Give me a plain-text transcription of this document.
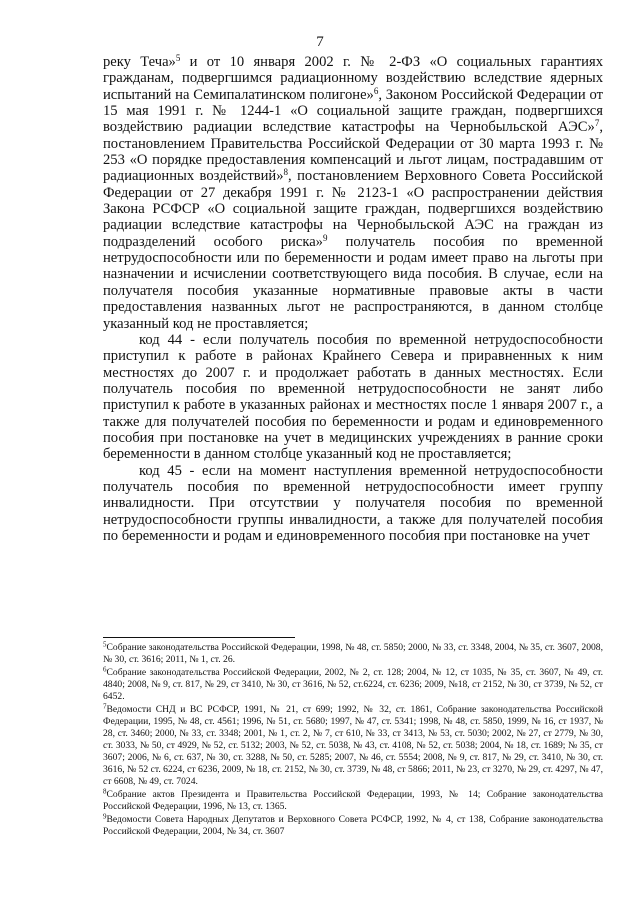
7

реку Теча»$^5$ и от 10 января 2002 г. № 2-ФЗ «О социальных гарантиях гражданам, подвергшимся радиационному воздействию вследствие ядерных испытаний на Семипалатинском полигоне»$^6$, Законом Российской Федерации от 15 мая 1991 г. № 1244-1 «О социальной защите граждан, подвергшихся воздействию радиации вследствие катастрофы на Чернобыльской АЭС»$^7$, постановлением Правительства Российской Федерации от 30 марта 1993 г. № 253 «О порядке предоставления компенсаций и льгот лицам, пострадавшим от радиационных воздействий»$^8$, постановлением Верховного Совета Российской Федерации от 27 декабря 1991 г. № 2123-1 «О распространении действия Закона РСФСР «О социальной защите граждан, подвергшихся воздействию радиации вследствие катастрофы на Чернобыльской АЭС на граждан из подразделений особого риска»$^9$ получатель пособия по временной нетрудоспособности или по беременности и родам имеет право на льготы при назначении и исчислении соответствующего вида пособия. В случае, если на получателя пособия указанные нормативные правовые акты в части предоставления названных льгот не распространяются, в данном столбце указанный код не проставляется;

код 44 - если получатель пособия по временной нетрудоспособности приступил к работе в районах Крайнего Севера и приравненных к ним местностях до 2007 г. и продолжает работать в данных местностях. Если получатель пособия по временной нетрудоспособности не занят либо приступил к работе в указанных районах и местностях после 1 января 2007 г., а также для получателей пособия по беременности и родам и единовременного пособия при постановке на учет в медицинских учреждениях в ранние сроки беременности в данном столбце указанный код не проставляется;

код 45 - если на момент наступления временной нетрудоспособности получатель пособия по временной нетрудоспособности имеет группу инвалидности. При отсутствии у получателя пособия по временной нетрудоспособности группы инвалидности, а также для получателей пособия по беременности и родам и единовременного пособия при постановке на учет

$^5$Собрание законодательства Российской Федерации, 1998, № 48, ст. 5850; 2000, № 33, ст. 3348, 2004, № 35, ст. 3607, 2008, № 30, ст. 3616; 2011, № 1, ст. 26.

$^6$Собрание законодательства Российской Федерации, 2002, № 2, ст. 128; 2004, № 12, ст 1035, № 35, ст. 3607, № 49, ст. 4840; 2008, № 9, ст. 817, № 29, ст 3410, № 30, ст 3616, № 52, ст.6224, ст. 6236; 2009, №18, ст 2152, № 30, ст 3739, № 52, ст 6452.

$^7$Ведомости СНД и ВС РСФСР, 1991, № 21, ст 699; 1992, № 32, ст. 1861, Собрание законодательства Российской Федерации, 1995, № 48, ст. 4561; 1996, № 51, ст. 5680; 1997, № 47, ст. 5341; 1998, № 48, ст. 5850, 1999, № 16, ст 1937, № 28, ст. 3460; 2000, № 33, ст. 3348; 2001, № 1, ст. 2, № 7, ст 610, № 33, ст 3413, № 53, ст. 5030; 2002, № 27, ст 2779, № 30, ст. 3033, № 50, ст 4929, № 52, ст. 5132; 2003, № 52, ст. 5038, № 43, ст. 4108, № 52, ст. 5038; 2004, № 18, ст. 1689; № 35, ст 3607; 2006, № 6, ст. 637, № 30, ст. 3288, № 50, ст. 5285; 2007, № 46, ст. 5554; 2008, № 9, ст. 817, № 29, ст. 3410, № 30, ст. 3616, № 52 ст. 6224, ст 6236, 2009, № 18, ст. 2152, № 30, ст. 3739, № 48, ст 5866; 2011, № 23, ст 3270, № 29, ст. 4297, № 47, ст 6608, № 49, ст. 7024.

$^8$Собрание актов Президента и Правительства Российской Федерации, 1993, № 14; Собрание законодательства Российской Федерации, 1996, № 13, ст. 1365.

$^9$Ведомости Совета Народных Депутатов и Верховного Совета РСФСР, 1992, № 4, ст 138, Собрание законодательства Российской Федерации, 2004, № 34, ст. 3607
